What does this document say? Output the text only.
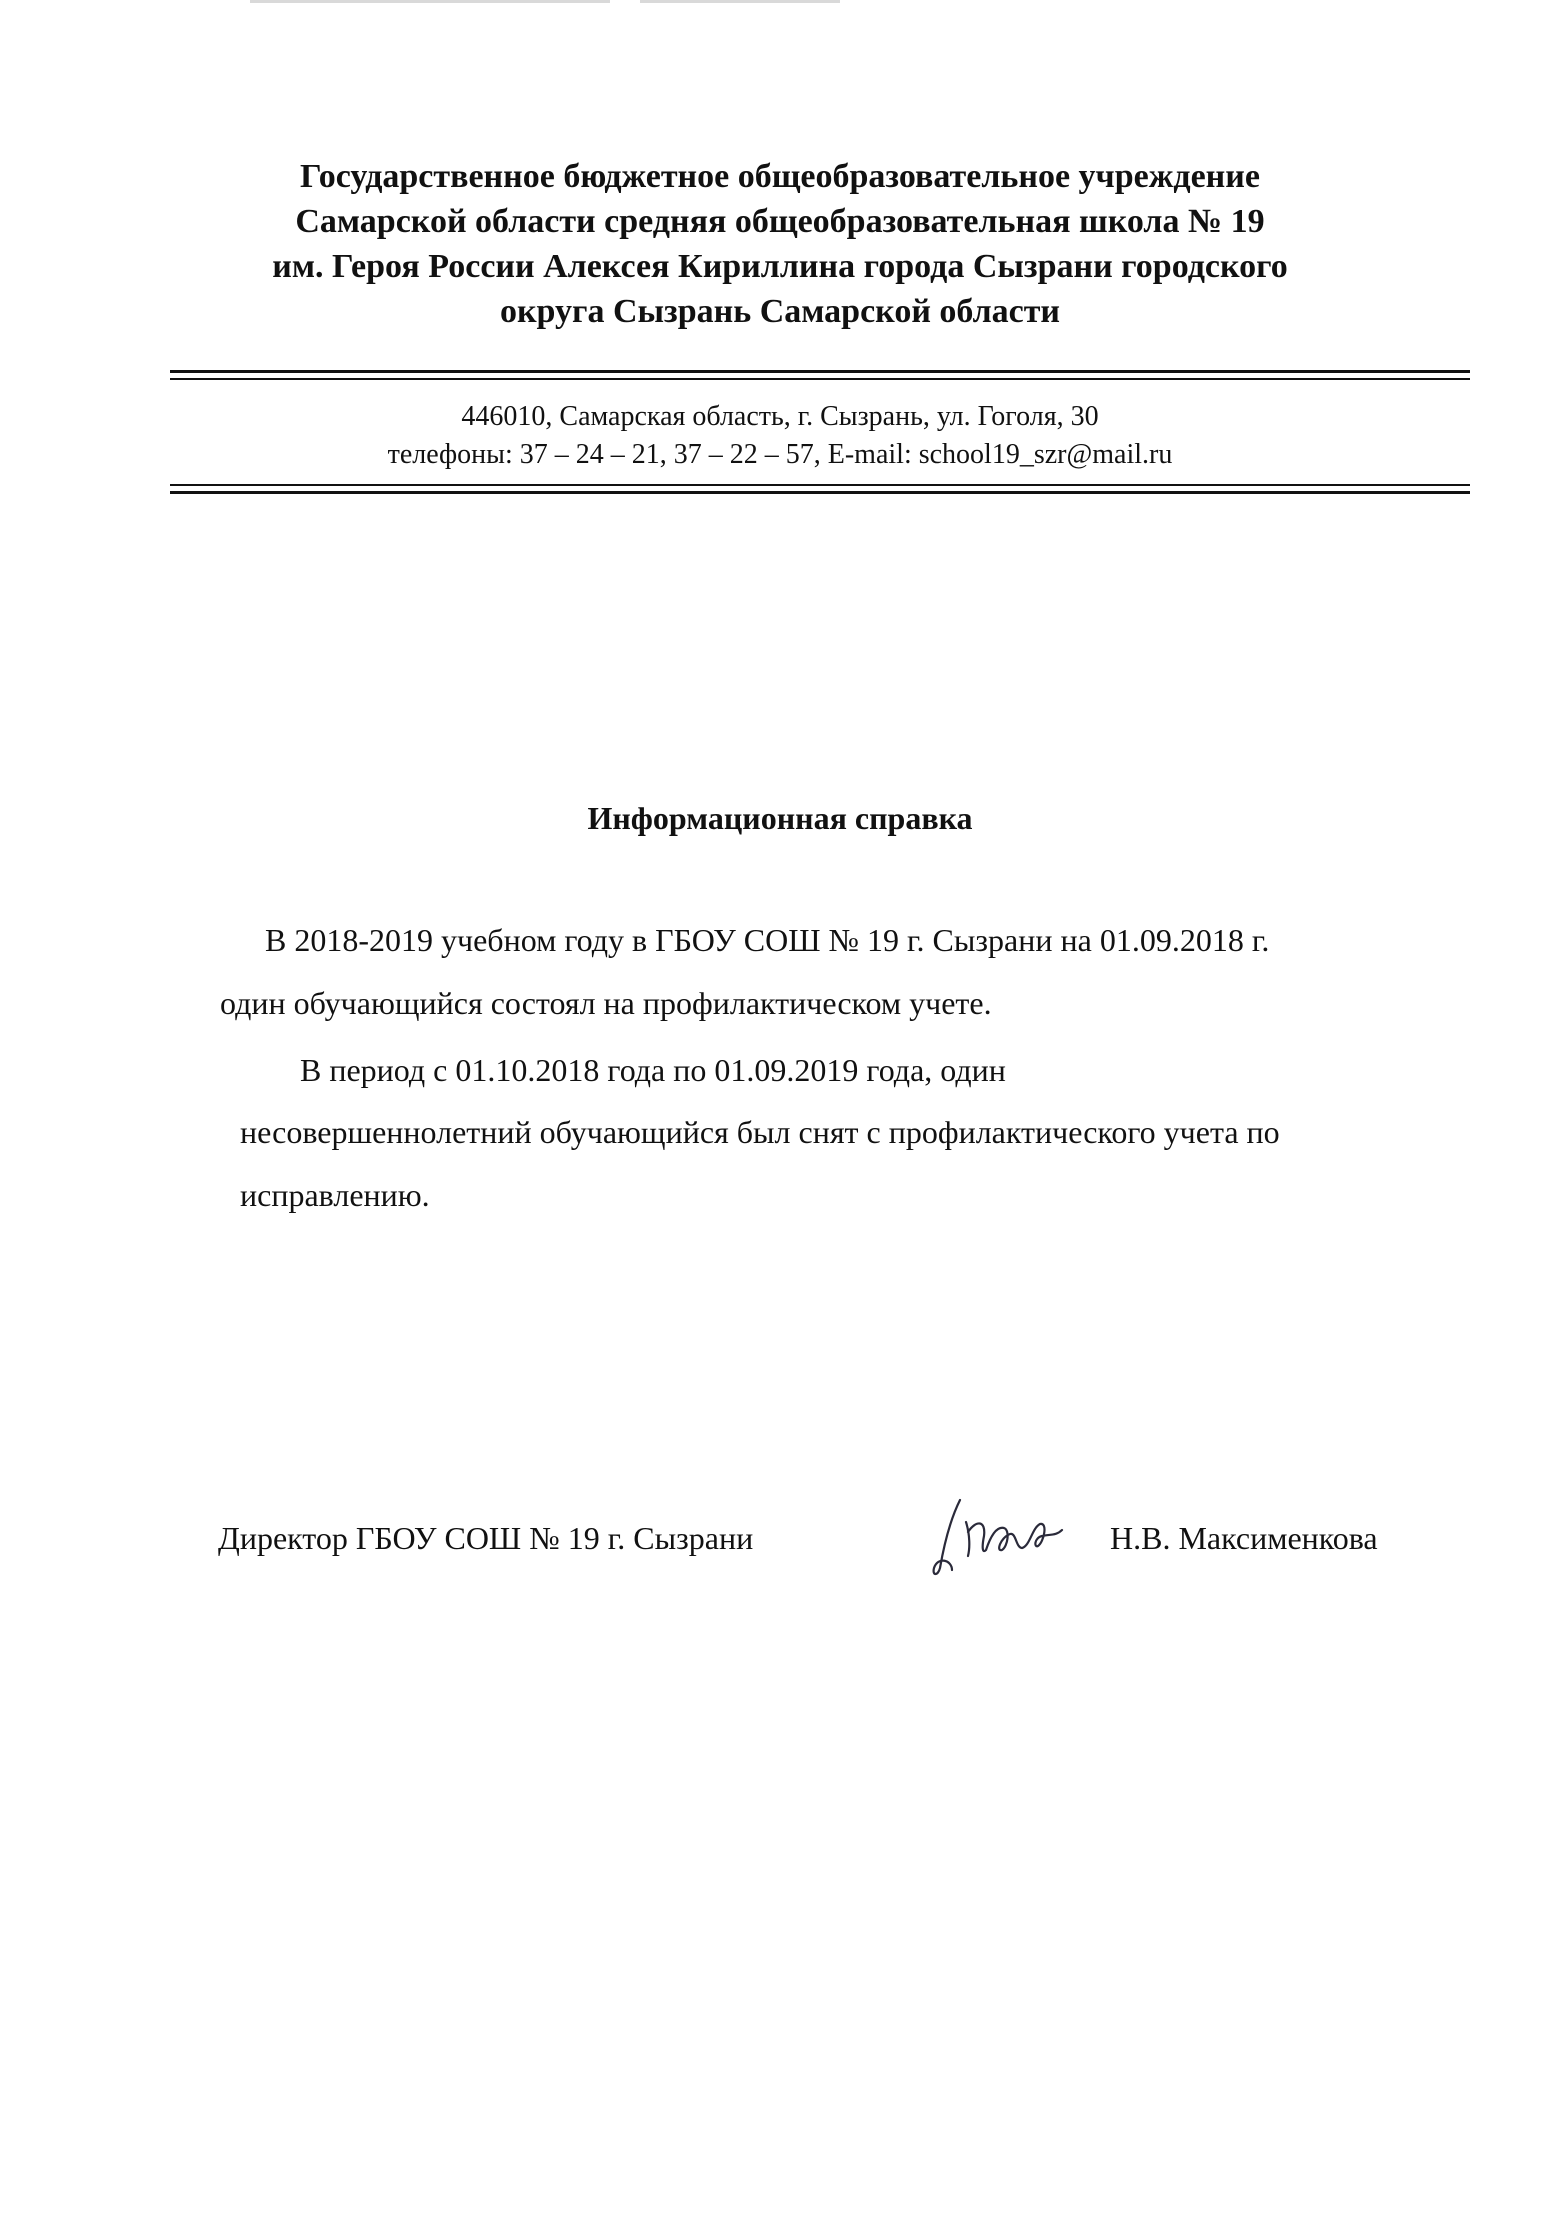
Государственное бюджетное общеобразовательное учреждение
Самарской области средняя общеобразовательная школа № 19
им. Героя России Алексея Кириллина города Сызрани городского
округа Сызрань Самарской области
446010, Самарская область, г. Сызрань, ул. Гоголя, 30
телефоны: 37 – 24 – 21, 37 – 22 – 57, E-mail: school19_szr@mail.ru
Информационная справка
В 2018-2019 учебном году в ГБОУ СОШ № 19 г. Сызрани на 01.09.2018 г.
один обучающийся состоял на профилактическом учете.
В период с 01.10.2018 года по 01.09.2019 года, один
несовершеннолетний обучающийся был снят с профилактического учета по
исправлению.
Директор ГБОУ СОШ № 19 г. Сызрани	Н.В. Максименкова
